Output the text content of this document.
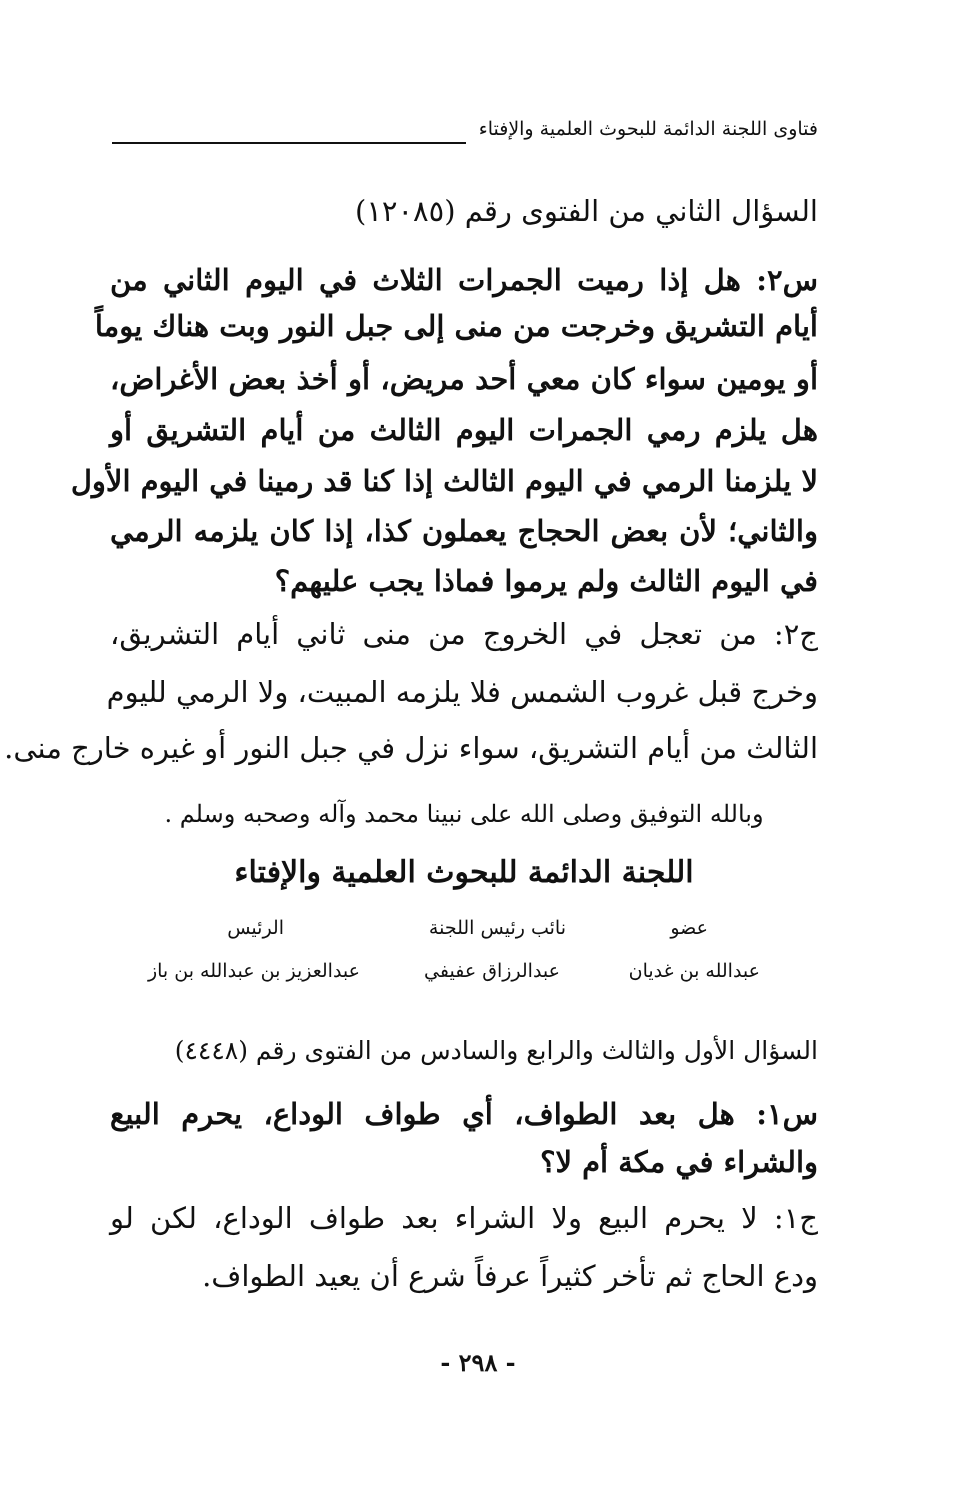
فتاوى اللجنة الدائمة للبحوث العلمية والإفتاء
السؤال الثاني من الفتوى رقم (١٢٠٨٥)
س٢: هل إذا رميت الجمرات الثلاث في اليوم الثاني من
أيام التشريق وخرجت من منى إلى جبل النور وبت هناك يوماً
أو يومين سواء كان معي أحد مريض، أو أخذ بعض الأغراض،
هل يلزم رمي الجمرات اليوم الثالث من أيام التشريق أو
لا يلزمنا الرمي في اليوم الثالث إذا كنا قد رمينا في اليوم الأول
والثاني؛ لأن بعض الحجاج يعملون كذا، إذا كان يلزمه الرمي
في اليوم الثالث ولم يرموا فماذا يجب عليهم؟
ج٢: من تعجل في الخروج من منى ثاني أيام التشريق،
وخرج قبل غروب الشمس فلا يلزمه المبيت، ولا الرمي لليوم
الثالث من أيام التشريق، سواء نزل في جبل النور أو غيره خارج منى.
وبالله التوفيق وصلى الله على نبينا محمد وآله وصحبه وسلم .
اللجنة الدائمة للبحوث العلمية والإفتاء
عضو
نائب رئيس اللجنة
الرئيس
عبدالله بن غديان
عبدالرزاق عفيفي
عبدالعزيز بن عبدالله بن باز
السؤال الأول والثالث والرابع والسادس من الفتوى رقم (٤٤٤٨)
س١: هل بعد الطواف، أي طواف الوداع، يحرم البيع
والشراء في مكة أم لا؟
ج١: لا يحرم البيع ولا الشراء بعد طواف الوداع، لكن لو
ودع الحاج ثم تأخر كثيراً عرفاً شرع أن يعيد الطواف.
- ٢٩٨ -
